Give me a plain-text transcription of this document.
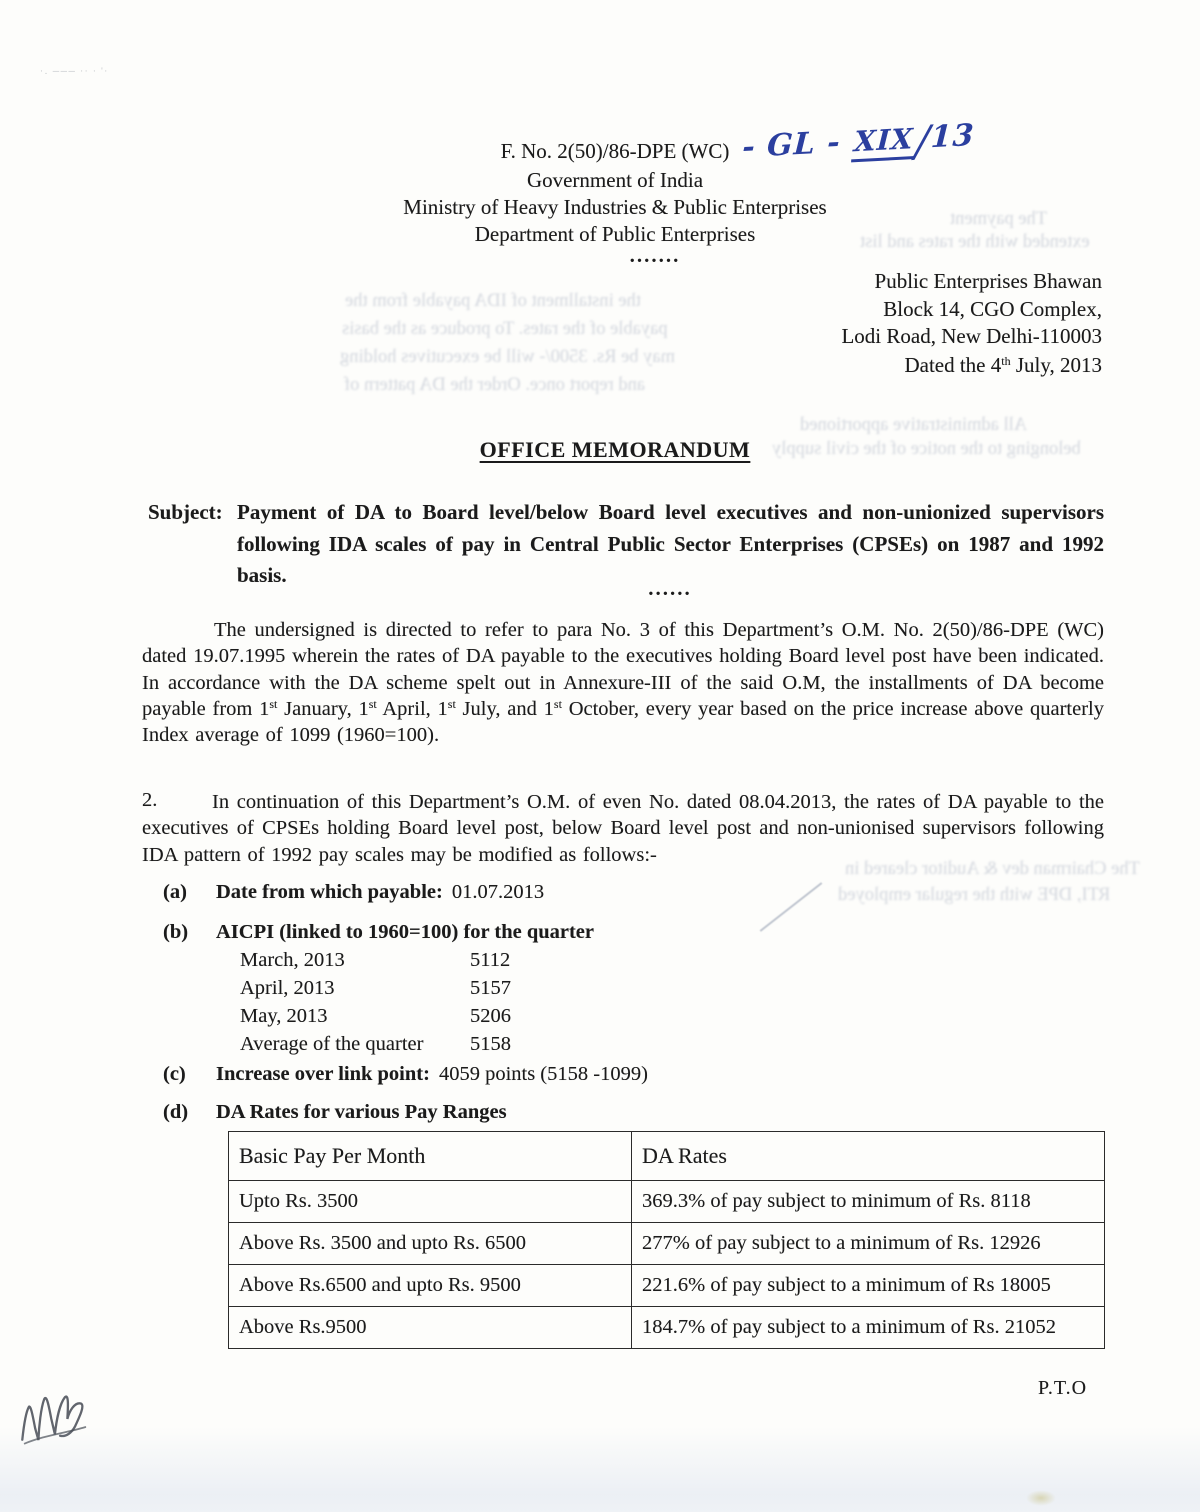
·․ ─── ·· · '·
The payment
extended with the rates and list
the installment of IDA payable from the
payable of the rates. To produce as the basis
may be Rs. 3500/- will be executives holding
and report once. Order the DA pattern of
All administrative apportioned
belonging to the notice of the civil supply
The Chairman dev & Auditor cleared in
RTI, DPE with the regular employed
F. No. 2(50)/86-DPE (WC) - GL - XIX/13
Government of India
Ministry of Heavy Industries & Public Enterprises
Department of Public Enterprises
.......
Public Enterprises Bhawan
Block 14, CGO Complex,
Lodi Road, New Delhi-110003
Dated the 4th July, 2013
OFFICE MEMORANDUM
Subject: Payment of DA to Board level/below Board level executives and non-unionized supervisors following IDA scales of pay in Central Public Sector Enterprises (CPSEs) on 1987 and 1992 basis.
......
The undersigned is directed to refer to para No. 3 of this Department’s O.M. No. 2(50)/86-DPE (WC) dated 19.07.1995 wherein the rates of DA payable to the executives holding Board level post have been indicated. In accordance with the DA scheme spelt out in Annexure-III of the said O.M, the installments of DA become payable from 1st January, 1st April, 1st July, and 1st October, every year based on the price increase above quarterly Index average of 1099 (1960=100).
2.	In continuation of this Department’s O.M. of even No. dated 08.04.2013, the rates of DA payable to the executives of CPSEs holding Board level post, below Board level post and non-unionised supervisors following IDA pattern of 1992 pay scales may be modified as follows:-
(a) Date from which payable: 01.07.2013
(b) AICPI (linked to 1960=100) for the quarter
March, 2013	5112
April, 2013	5157
May, 2013	5206
Average of the quarter 5158
(c) Increase over link point: 4059 points (5158 -1099)
(d) DA Rates for various Pay Ranges
Basic Pay Per Month	DA Rates
Upto Rs. 3500	369.3% of pay subject to minimum of Rs. 8118
Above Rs. 3500 and upto Rs. 6500	277% of pay subject to a minimum of Rs. 12926
Above Rs.6500 and upto Rs. 9500	221.6% of pay subject to a minimum of Rs 18005
Above Rs.9500	184.7% of pay subject to a minimum of Rs. 21052
P.T.O
